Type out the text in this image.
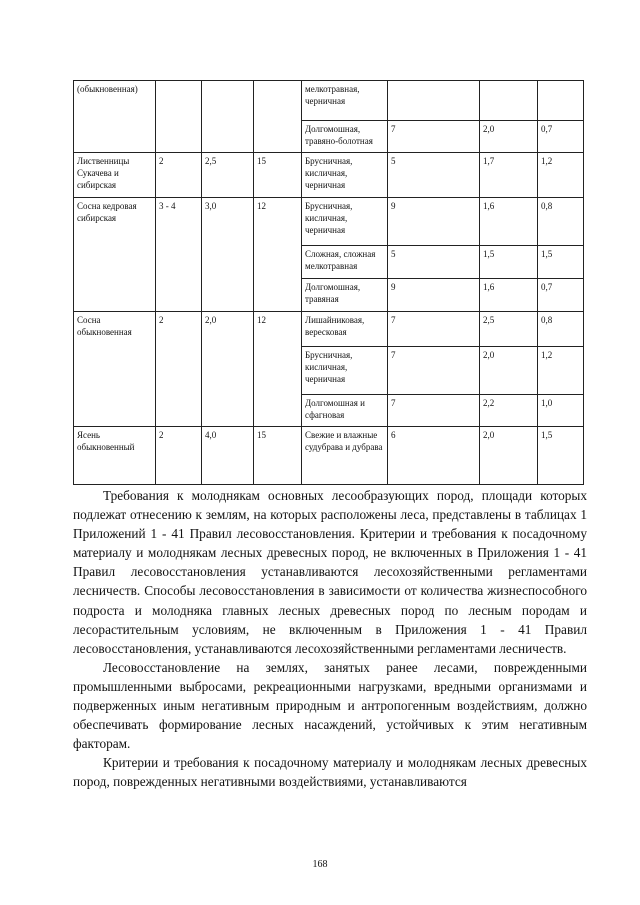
(обыкновенная)				мелкотравная, черничная			
				Долгомошная, травяно-болотная	7	2,0	0,7
Лиственницы Сукачева и сибирская	2	2,5	15	Брусничная, кисличная, черничная	5	1,7	1,2
Сосна кедровая сибирская	3 - 4	3,0	12	Брусничная, кисличная, черничная	9	1,6	0,8
				Сложная, сложная мелкотравная	5	1,5	1,5
				Долгомошная, травяная	9	1,6	0,7
Сосна обыкновенная	2	2,0	12	Лишайниковая, вересковая	7	2,5	0,8
				Брусничная, кисличная, черничная	7	2,0	1,2
				Долгомошная и сфагновая	7	2,2	1,0
Ясень обыкновенный	2	4,0	15	Свежие и влажные судубрава и дубрава	6	2,0	1,5

Требования к молоднякам основных лесообразующих пород, площади которых подлежат отнесению к землям, на которых расположены леса, представлены в таблицах 1 Приложений 1 - 41 Правил лесовосстановления. Критерии и требования к посадочному материалу и молоднякам лесных древесных пород, не включенных в Приложения 1 - 41 Правил лесовосстановления устанавливаются лесохозяйственными регламентами лесничеств. Способы лесовосстановления в зависимости от количества жизнеспособного подроста и молодняка главных лесных древесных пород по лесным породам и лесорастительным условиям, не включенным в Приложения 1 - 41 Правил лесовосстановления, устанавливаются лесохозяйственными регламентами лесничеств.

Лесовосстановление на землях, занятых ранее лесами, поврежденными промышленными выбросами, рекреационными нагрузками, вредными организмами и подверженных иным негативным природным и антропогенным воздействиям, должно обеспечивать формирование лесных насаждений, устойчивых к этим негативным факторам.

Критерии и требования к посадочному материалу и молоднякам лесных древесных пород, поврежденных негативными воздействиями, устанавливаются

168
